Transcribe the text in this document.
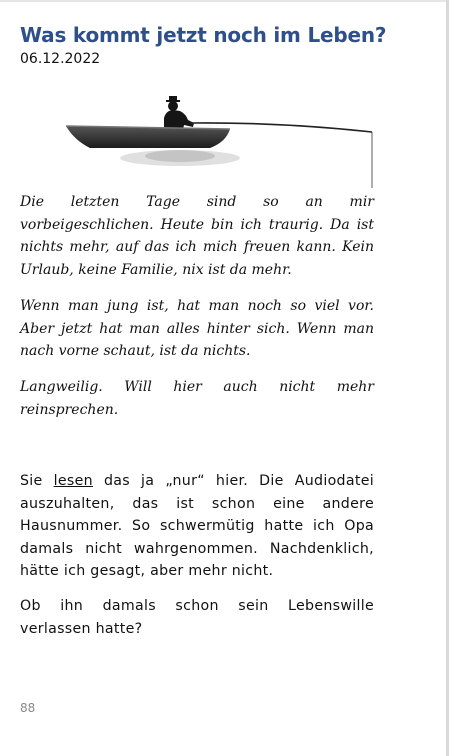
Was kommt jetzt noch im Leben?
06.12.2022

Die letzten Tage sind so an mir vorbeigeschlichen. Heute bin ich traurig. Da ist nichts mehr, auf das ich mich freuen kann. Kein Urlaub, keine Familie, nix ist da mehr.

Wenn man jung ist, hat man noch so viel vor. Aber jetzt hat man alles hinter sich. Wenn man nach vorne schaut, ist da nichts.

Langweilig. Will hier auch nicht mehr reinsprechen.

Sie lesen das ja „nur“ hier. Die Audiodatei auszuhalten, das ist schon eine andere Hausnummer. So schwermütig hatte ich Opa damals nicht wahrgenommen. Nachdenklich, hätte ich gesagt, aber mehr nicht.

Ob ihn damals schon sein Lebenswille verlassen hatte?

88
